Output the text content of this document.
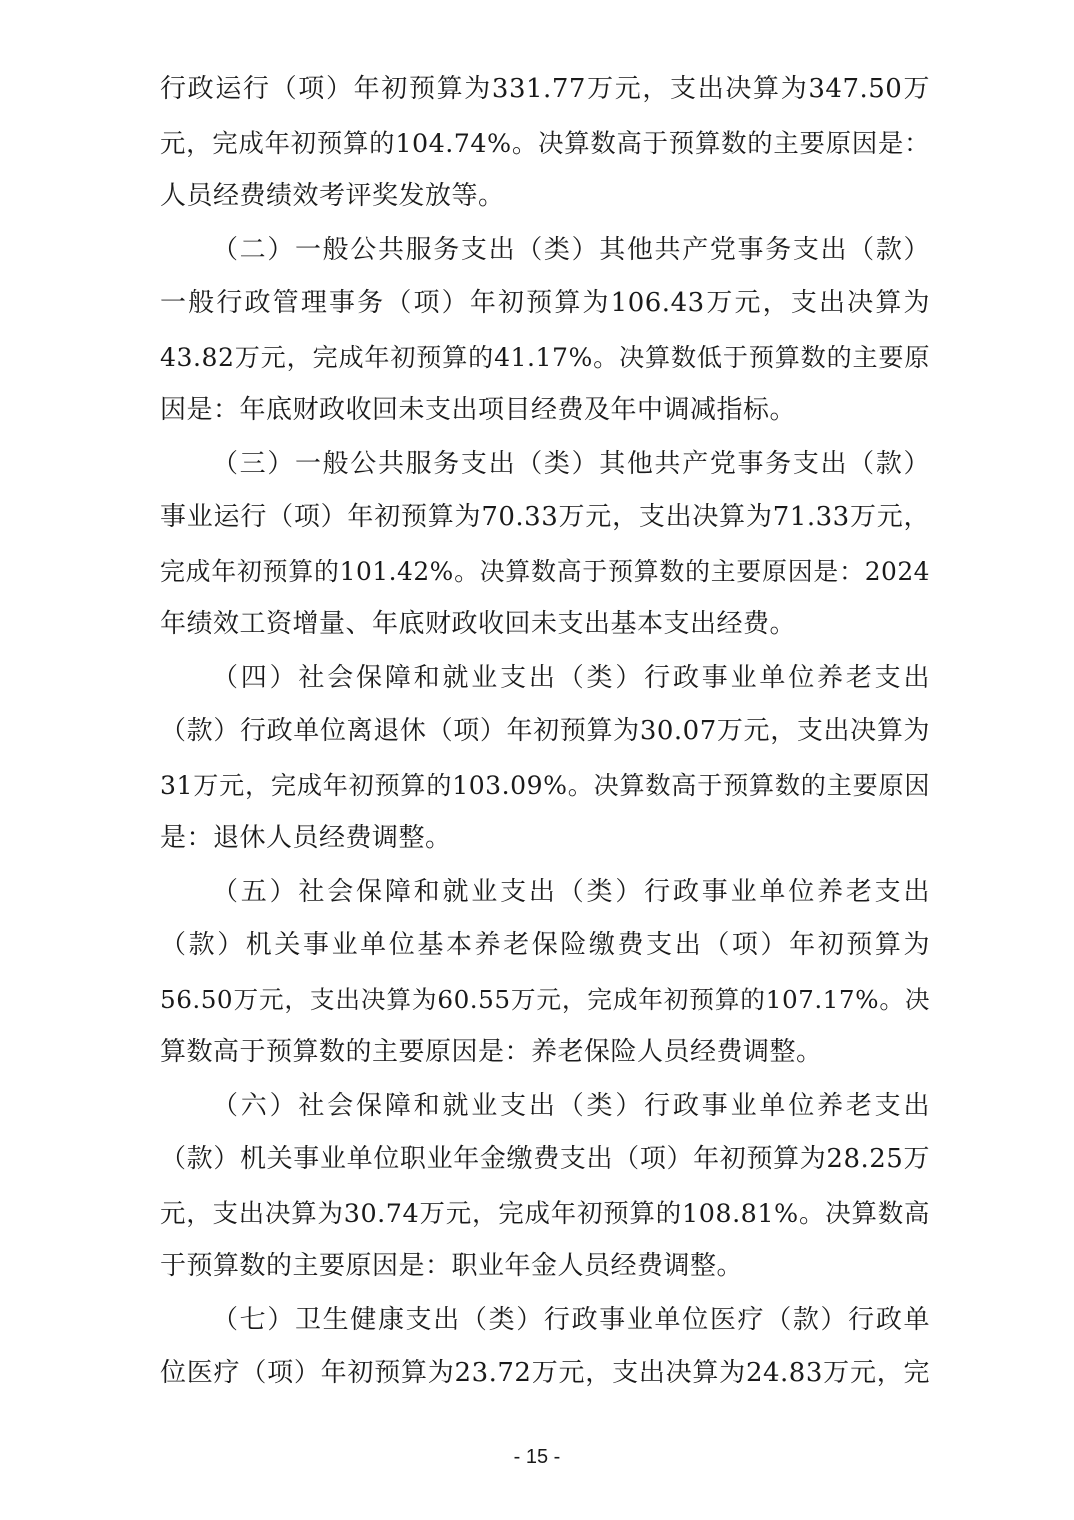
行政运行（项）年初预算为331.77万元，支出决算为347.50万
元，完成年初预算的104.74%。决算数高于预算数的主要原因是：
人员经费绩效考评奖发放等。
（二）一般公共服务支出（类）其他共产党事务支出（款）
一般行政管理事务（项）年初预算为106.43万元，支出决算为
43.82万元，完成年初预算的41.17%。决算数低于预算数的主要原
因是：年底财政收回未支出项目经费及年中调减指标。
（三）一般公共服务支出（类）其他共产党事务支出（款）
事业运行（项）年初预算为70.33万元，支出决算为71.33万元，
完成年初预算的101.42%。决算数高于预算数的主要原因是：2024
年绩效工资增量、年底财政收回未支出基本支出经费。
（四）社会保障和就业支出（类）行政事业单位养老支出
（款）行政单位离退休（项）年初预算为30.07万元，支出决算为
31万元，完成年初预算的103.09%。决算数高于预算数的主要原因
是：退休人员经费调整。
（五）社会保障和就业支出（类）行政事业单位养老支出
（款）机关事业单位基本养老保险缴费支出（项）年初预算为
56.50万元，支出决算为60.55万元，完成年初预算的107.17%。决
算数高于预算数的主要原因是：养老保险人员经费调整。
（六）社会保障和就业支出（类）行政事业单位养老支出
（款）机关事业单位职业年金缴费支出（项）年初预算为28.25万
元，支出决算为30.74万元，完成年初预算的108.81%。决算数高
于预算数的主要原因是：职业年金人员经费调整。
（七）卫生健康支出（类）行政事业单位医疗（款）行政单
位医疗（项）年初预算为23.72万元，支出决算为24.83万元，完
- 15 -
